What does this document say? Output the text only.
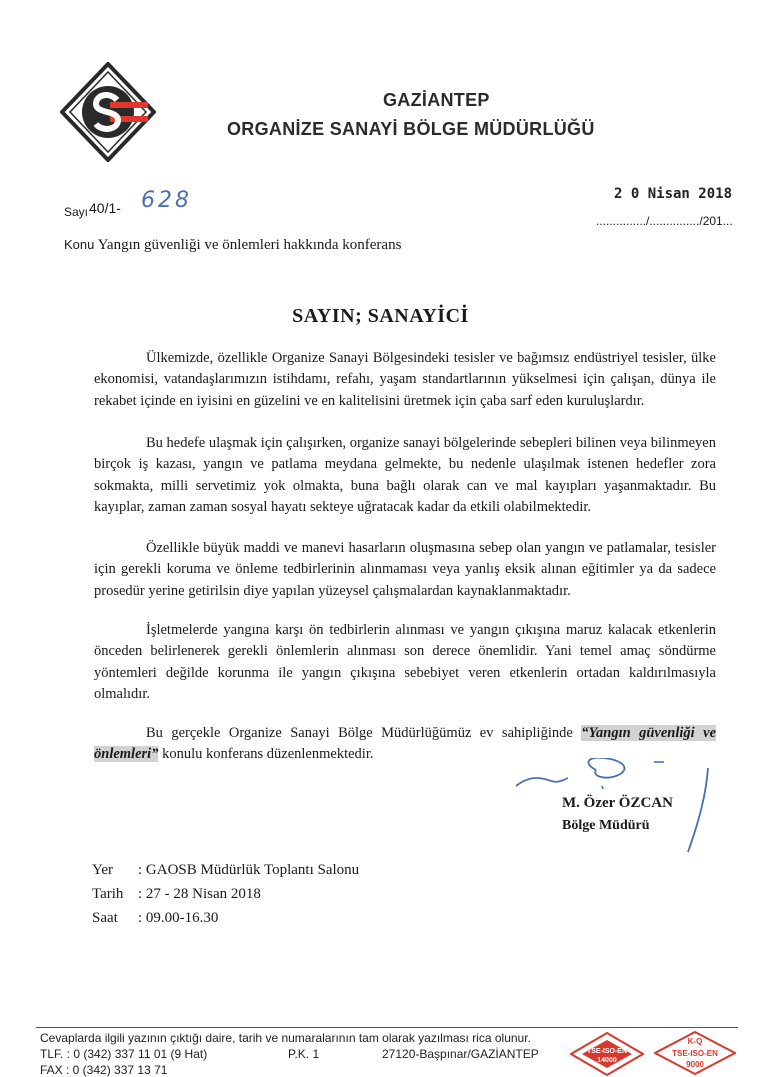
GAZİANTEP
ORGANİZE SANAYİ BÖLGE MÜDÜRLÜĞÜ
Sayı 40/1- 628	2 0 Nisan 2018
.............../.............../201...
Konu Yangın güvenliği ve önlemleri hakkında konferans
SAYIN; SANAYİCİ
Ülkemizde, özellikle Organize Sanayi Bölgesindeki tesisler ve bağımsız endüstriyel tesisler, ülke ekonomisi, vatandaşlarımızın istihdamı, refahı, yaşam standartlarının yükselmesi için çalışan, dünya ile rekabet içinde en iyisini en güzelini ve en kalitelisini üretmek için çaba sarf eden kuruluşlardır.
Bu hedefe ulaşmak için çalışırken, organize sanayi bölgelerinde sebepleri bilinen veya bilinmeyen birçok iş kazası, yangın ve patlama meydana gelmekte, bu nedenle ulaşılmak istenen hedefler zora sokmakta, milli servetimiz yok olmakta, buna bağlı olarak can ve mal kayıpları yaşanmaktadır. Bu kayıplar, zaman zaman sosyal hayatı sekteye uğratacak kadar da etkili olabilmektedir.
Özellikle büyük maddi ve manevi hasarların oluşmasına sebep olan yangın ve patlamalar, tesisler için gerekli koruma ve önleme tedbirlerinin alınmaması veya yanlış eksik alınan eğitimler ya da sadece prosedür yerine getirilsin diye yapılan yüzeysel çalışmalardan kaynaklanmaktadır.
İşletmelerde yangına karşı ön tedbirlerin alınması ve yangın çıkışına maruz kalacak etkenlerin önceden belirlenerek gerekli önlemlerin alınması son derece önemlidir. Yani temel amaç söndürme yöntemleri değilde korunma ile yangın çıkışına sebebiyet veren etkenlerin ortadan kaldırılmasıyla olmalıdır.
Bu gerçekle Organize Sanayi Bölge Müdürlüğümüz ev sahipliğinde “Yangın güvenliği ve önlemleri” konulu konferans düzenlenmektedir.
M. Özer ÖZCAN
Bölge Müdürü
Yer : GAOSB Müdürlük Toplantı Salonu
Tarih : 27 - 28 Nisan 2018
Saat : 09.00-16.30
Cevaplarda ilgili yazının çıktığı daire, tarih ve numaralarının tam olarak yazılması rica olunur.
TLF. : 0 (342) 337 11 01 (9 Hat)
FAX : 0 (342) 337 13 71
P.K. 1	27120-Başpınar/GAZİANTEP	TSE-ISO-EN
14000
K-Q
TSE-ISO-EN
9000
